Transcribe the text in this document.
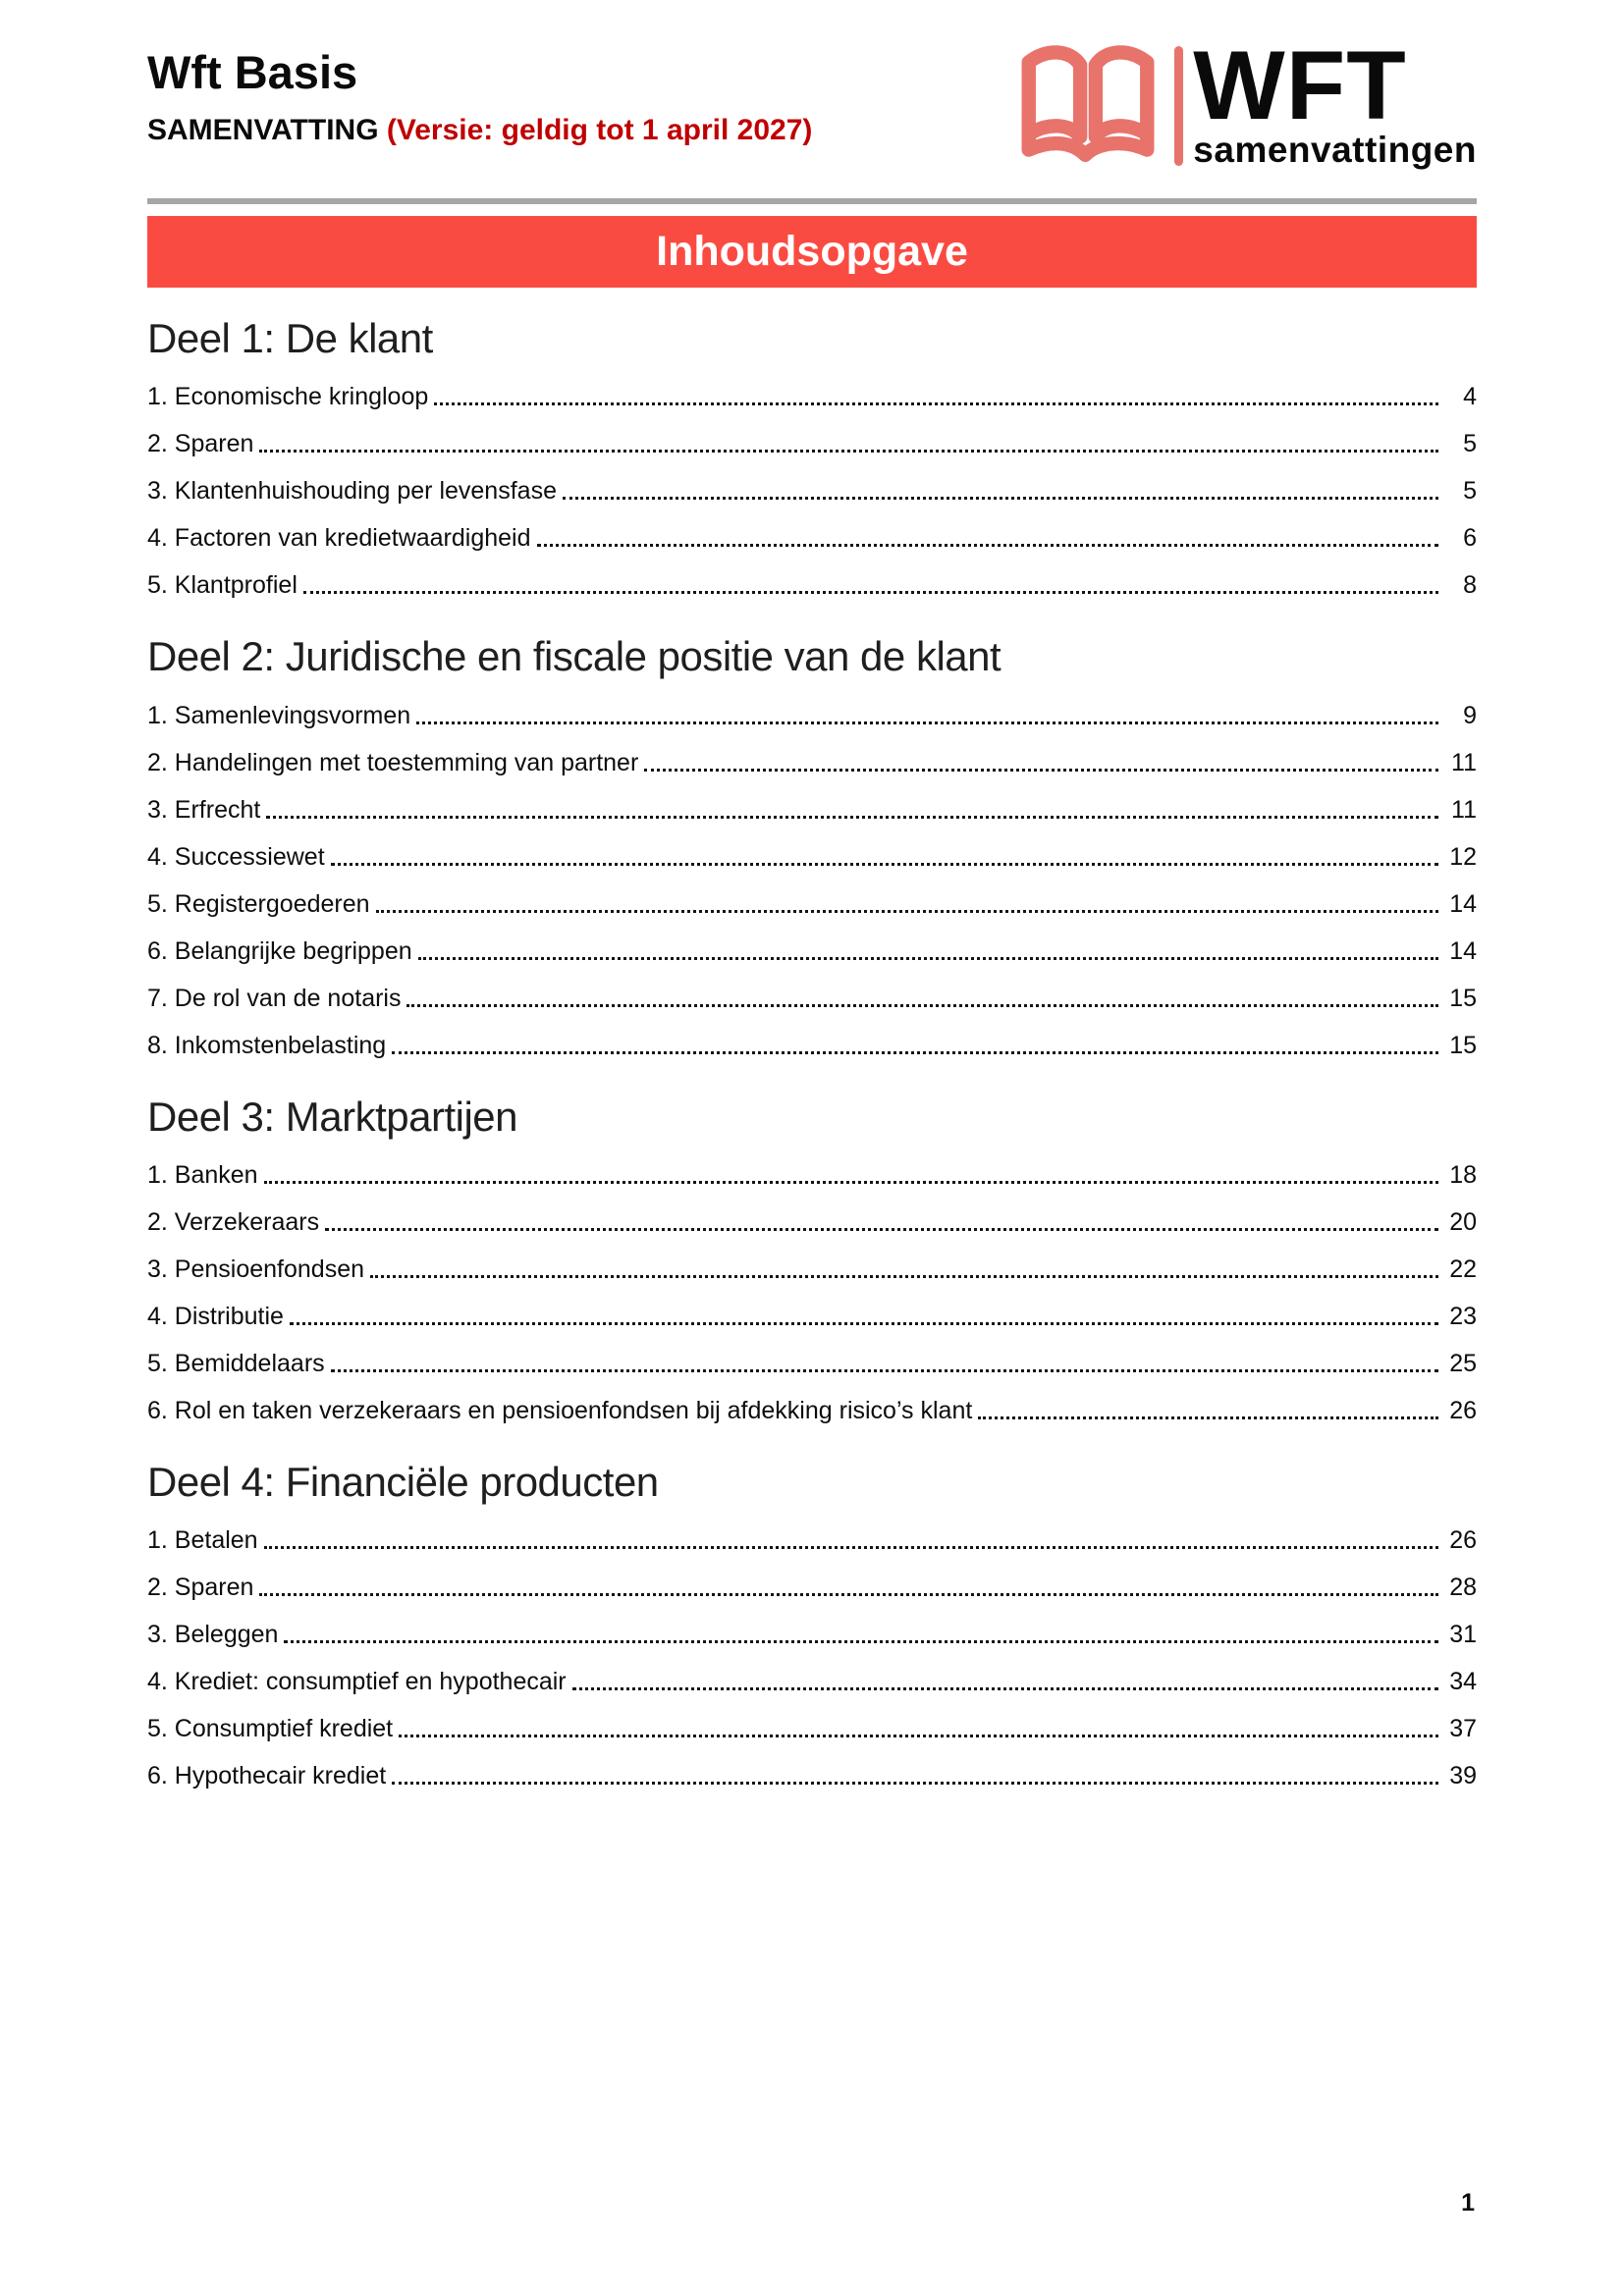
Wft Basis
SAMENVATTING (Versie: geldig tot 1 april 2027)	WFT
samenvattingen
Inhoudsopgave
Deel 1: De klant
1. Economische kringloop	4
2. Sparen	5
3. Klantenhuishouding per levensfase	5
4. Factoren van kredietwaardigheid	6
5. Klantprofiel	8
Deel 2: Juridische en fiscale positie van de klant
1. Samenlevingsvormen	9
2. Handelingen met toestemming van partner	11
3. Erfrecht	11
4. Successiewet	12
5. Registergoederen	14
6. Belangrijke begrippen	14
7. De rol van de notaris	15
8. Inkomstenbelasting	15
Deel 3: Marktpartijen
1. Banken	18
2. Verzekeraars	20
3. Pensioenfondsen	22
4. Distributie	23
5. Bemiddelaars	25
6. Rol en taken verzekeraars en pensioenfondsen bij afdekking risico’s klant	26
Deel 4: Financiële producten
1. Betalen	26
2. Sparen	28
3. Beleggen	31
4. Krediet: consumptief en hypothecair	34
5. Consumptief krediet	37
6. Hypothecair krediet	39
1
